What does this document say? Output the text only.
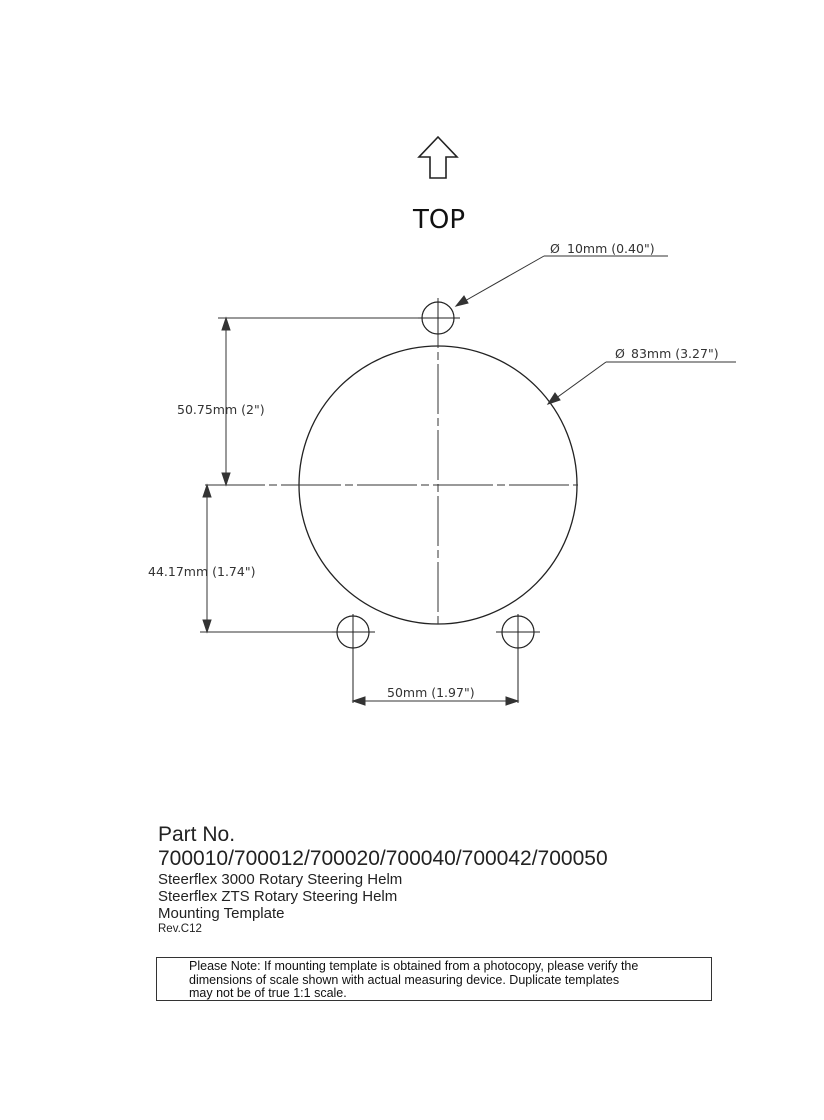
TOP
Ø 10mm (0.40")
Ø 83mm (3.27")
50.75mm (2")
44.17mm (1.74")
50mm (1.97")
Part No.
700010/700012/700020/700040/700042/700050
Steerflex 3000 Rotary Steering Helm
Steerflex ZTS Rotary Steering Helm
Mounting Template
Rev.C12
Please Note: If mounting template is obtained from a photocopy, please verify the
dimensions of scale shown with actual measuring device. Duplicate templates
may not be of true 1:1 scale.
